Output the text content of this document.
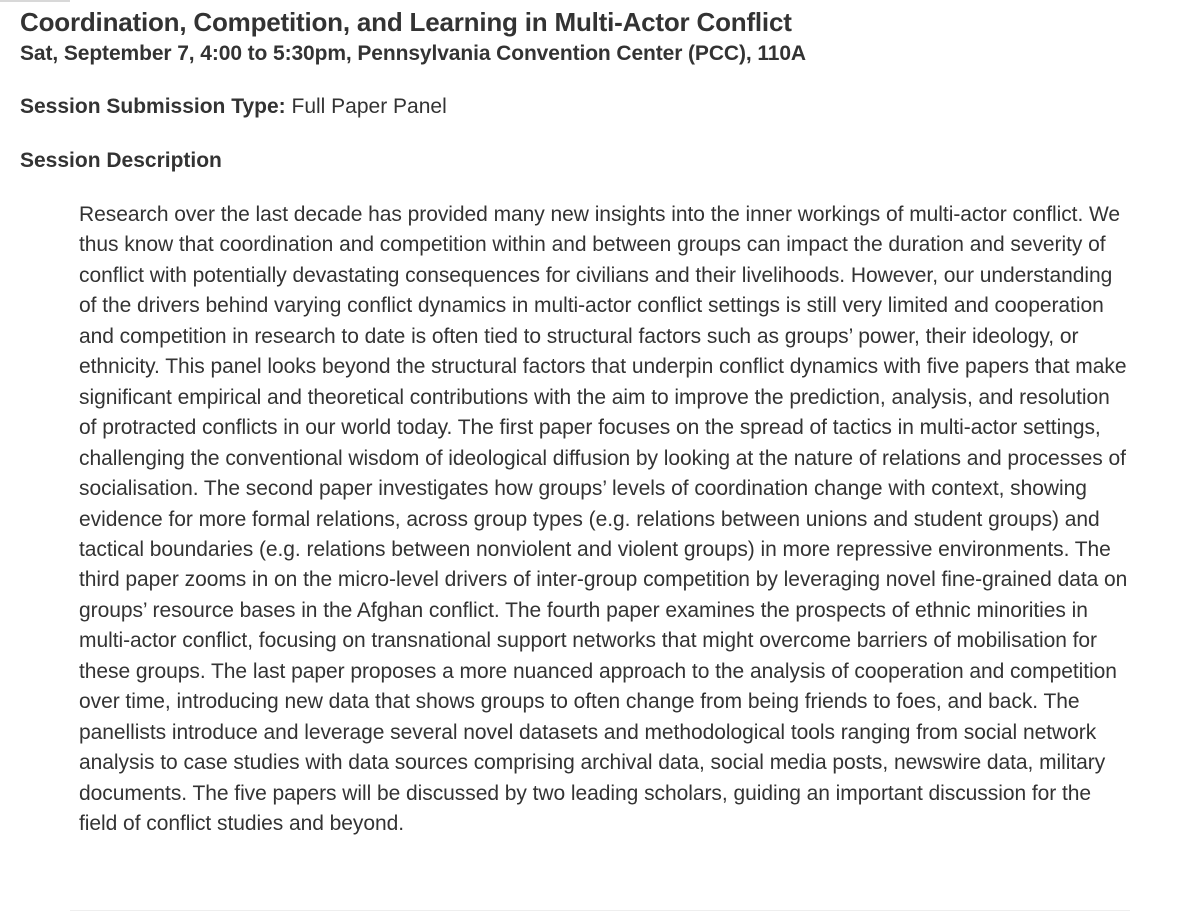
Coordination, Competition, and Learning in Multi-Actor Conflict

Sat, September 7, 4:00 to 5:30pm, Pennsylvania Convention Center (PCC), 110A

Session Submission Type: Full Paper Panel

Session Description

Research over the last decade has provided many new insights into the inner workings of multi-actor conflict. We thus know that coordination and competition within and between groups can impact the duration and severity of conflict with potentially devastating consequences for civilians and their livelihoods. However, our understanding of the drivers behind varying conflict dynamics in multi-actor conflict settings is still very limited and cooperation and competition in research to date is often tied to structural factors such as groups’ power, their ideology, or ethnicity. This panel looks beyond the structural factors that underpin conflict dynamics with five papers that make significant empirical and theoretical contributions with the aim to improve the prediction, analysis, and resolution of protracted conflicts in our world today. The first paper focuses on the spread of tactics in multi-actor settings, challenging the conventional wisdom of ideological diffusion by looking at the nature of relations and processes of socialisation. The second paper investigates how groups’ levels of coordination change with context, showing evidence for more formal relations, across group types (e.g. relations between unions and student groups) and tactical boundaries (e.g. relations between nonviolent and violent groups) in more repressive environments. The third paper zooms in on the micro-level drivers of inter-group competition by leveraging novel fine-grained data on groups’ resource bases in the Afghan conflict. The fourth paper examines the prospects of ethnic minorities in multi-actor conflict, focusing on transnational support networks that might overcome barriers of mobilisation for these groups. The last paper proposes a more nuanced approach to the analysis of cooperation and competition over time, introducing new data that shows groups to often change from being friends to foes, and back. The panellists introduce and leverage several novel datasets and methodological tools ranging from social network analysis to case studies with data sources comprising archival data, social media posts, newswire data, military documents. The five papers will be discussed by two leading scholars, guiding an important discussion for the field of conflict studies and beyond.
